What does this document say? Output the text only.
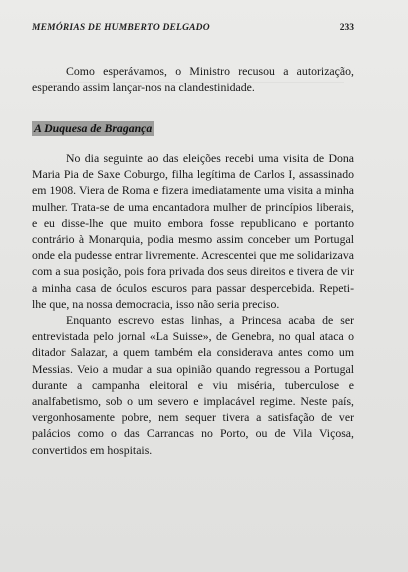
MEMÓRIAS DE HUMBERTO DELGADO	233

Como esperávamos, o Ministro recusou a autorização, esperando assim lançar-nos na clandestinidade.

A Duquesa de Bragança

No dia seguinte ao das eleições recebi uma visita de Dona Maria Pia de Saxe Coburgo, filha legítima de Carlos I, assassinado em 1908. Viera de Roma e fizera imediatamente uma visita a minha mulher. Trata-se de uma encantadora mulher de princípios liberais, e eu disse-lhe que muito embora fosse republicano e portanto contrário à Monarquia, podia mesmo assim conceber um Portugal onde ela pudesse entrar livremente. Acrescentei que me solidarizava com a sua posição, pois fora privada dos seus direitos e tivera de vir a minha casa de óculos escuros para passar despercebida. Repeti-lhe que, na nossa democracia, isso não seria preciso.

Enquanto escrevo estas linhas, a Princesa acaba de ser entrevistada pelo jornal «La Suisse», de Genebra, no qual ataca o ditador Salazar, a quem também ela considerava antes como um Messias. Veio a mudar a sua opinião quando regressou a Portugal durante a campanha eleitoral e viu miséria, tuberculose e analfabetismo, sob o um severo e implacável regime. Neste país, vergonhosamente pobre, nem sequer tivera a satisfação de ver palácios como o das Carrancas no Porto, ou de Vila Viçosa, convertidos em hospitais.
